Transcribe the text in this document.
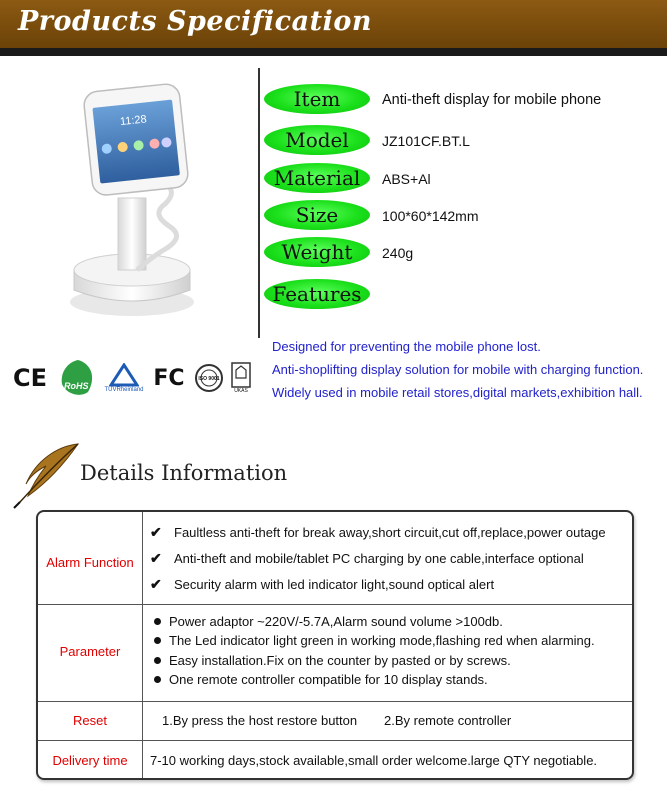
Products Specification
11:28
Item	Anti-theft display for mobile phone
Model	JZ101CF.BT.L
Material	ABS+Al
Size	100*60*142mm
Weight	240g
Features
Designed for preventing the mobile phone lost.
Anti-shoplifting display solution for mobile with charging function.
Widely used in mobile retail stores,digital markets,exhibition hall.
CE	RoHS	TÜVRheinland FC	ISO 9001
UKAS
Details Information
Alarm Function
✔ Faultless anti-theft for break away,short circuit,cut off,replace,power outage
✔ Anti-theft and mobile/tablet PC charging by one cable,interface optional
✔ Security alarm with led indicator light,sound optical alert
Parameter
Power adaptor ~220V/-5.7A,Alarm sound volume >100db.
The Led indicator light green in working mode,flashing red when alarming.
Easy installation.Fix on the counter by pasted or by screws.
One remote controller compatible for 10 display stands.
Reset	1.By press the host restore button 2.By remote controller
Delivery time	7-10 working days,stock available,small order welcome.large QTY negotiable.
